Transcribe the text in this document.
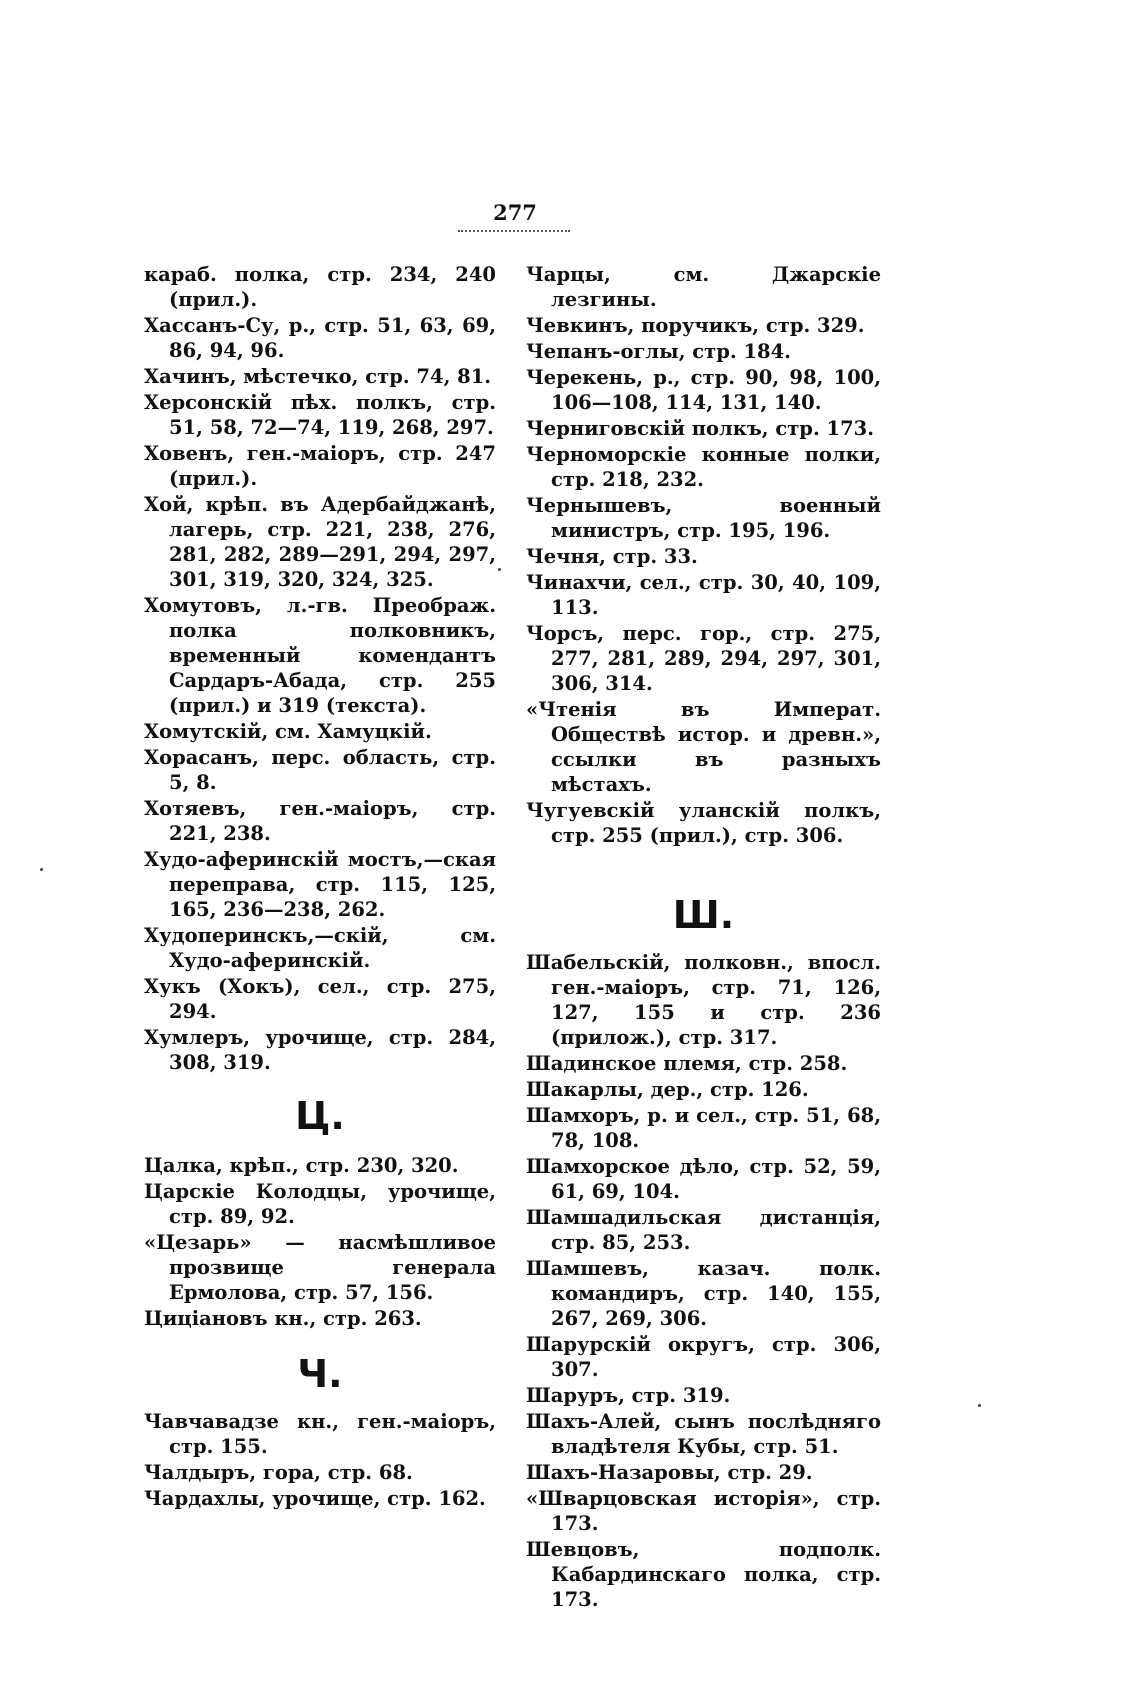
277

караб. полка, стр. 234, 240 (прил.).

Хассанъ-Су, р., стр. 51, 63, 69, 86, 94, 96.

Хачинъ, мѣстечко, стр. 74, 81.

Херсонскій пѣх. полкъ, стр. 51, 58, 72—74, 119, 268, 297.

Ховенъ, ген.-маіоръ, стр. 247 (прил.).

Хой, крѣп. въ Адербайджанѣ, лагерь, стр. 221, 238, 276, 281, 282, 289—291, 294, 297, 301, 319, 320, 324, 325.

Хомутовъ, л.-гв. Преображ. полка полковникъ, временный комендантъ Сардаръ-Абада, стр. 255 (прил.) и 319 (текста).

Хомутскій, см. Хамуцкій.

Хорасанъ, перс. область, стр. 5, 8.

Хотяевъ, ген.-маіоръ, стр. 221, 238.

Худо-аферинскій мостъ,—ская переправа, стр. 115, 125, 165, 236—238, 262.

Худоперинскъ,—скій, см. Худо-аферинскій.

Хукъ (Хокъ), сел., стр. 275, 294.

Хумлеръ, урочище, стр. 284, 308, 319.

Ц.

Цалка, крѣп., стр. 230, 320.

Царскіе Колодцы, урочище, стр. 89, 92.

«Цезарь» — насмѣшливое прозвище генерала Ермолова, стр. 57, 156.

Цицiановъ кн., стр. 263.

Ч.

Чавчавадзе кн., ген.-маіоръ, стр. 155.

Чалдыръ, гора, стр. 68.

Чардахлы, урочище, стр. 162.

Чарцы, см. Джарскіе лезгины.

Чевкинъ, поручикъ, стр. 329.

Чепанъ-оглы, стр. 184.

Черекень, р., стр. 90, 98, 100, 106—108, 114, 131, 140.

Черниговскій полкъ, стр. 173.

Черноморскіе конные полки, стр. 218, 232.

Чернышевъ, военный министръ, стр. 195, 196.

Чечня, стр. 33.

Чинахчи, сел., стр. 30, 40, 109, 113.

Чорсъ, перс. гор., стр. 275, 277, 281, 289, 294, 297, 301, 306, 314.

«Чтенія въ Императ. Обществѣ истор. и древн.», ссылки въ разныхъ мѣстахъ.

Чугуевскій уланскій полкъ, стр. 255 (прил.), стр. 306.

Ш.

Шабельскій, полковн., впосл. ген.-маіоръ, стр. 71, 126, 127, 155 и стр. 236 (прилож.), стр. 317.

Шадинское племя, стр. 258.

Шакарлы, дер., стр. 126.

Шамхоръ, р. и сел., стр. 51, 68, 78, 108.

Шамхорское дѣло, стр. 52, 59, 61, 69, 104.

Шамшадильская дистанція, стр. 85, 253.

Шамшевъ, казач. полк. командиръ, стр. 140, 155, 267, 269, 306.

Шарурскій округъ, стр. 306, 307.

Шаруръ, стр. 319.

Шахъ-Алей, сынъ послѣдняго владѣтеля Кубы, стр. 51.

Шахъ-Назаровы, стр. 29.

«Шварцовская исторія», стр. 173.

Шевцовъ, подполк. Кабардинскаго полка, стр. 173.
